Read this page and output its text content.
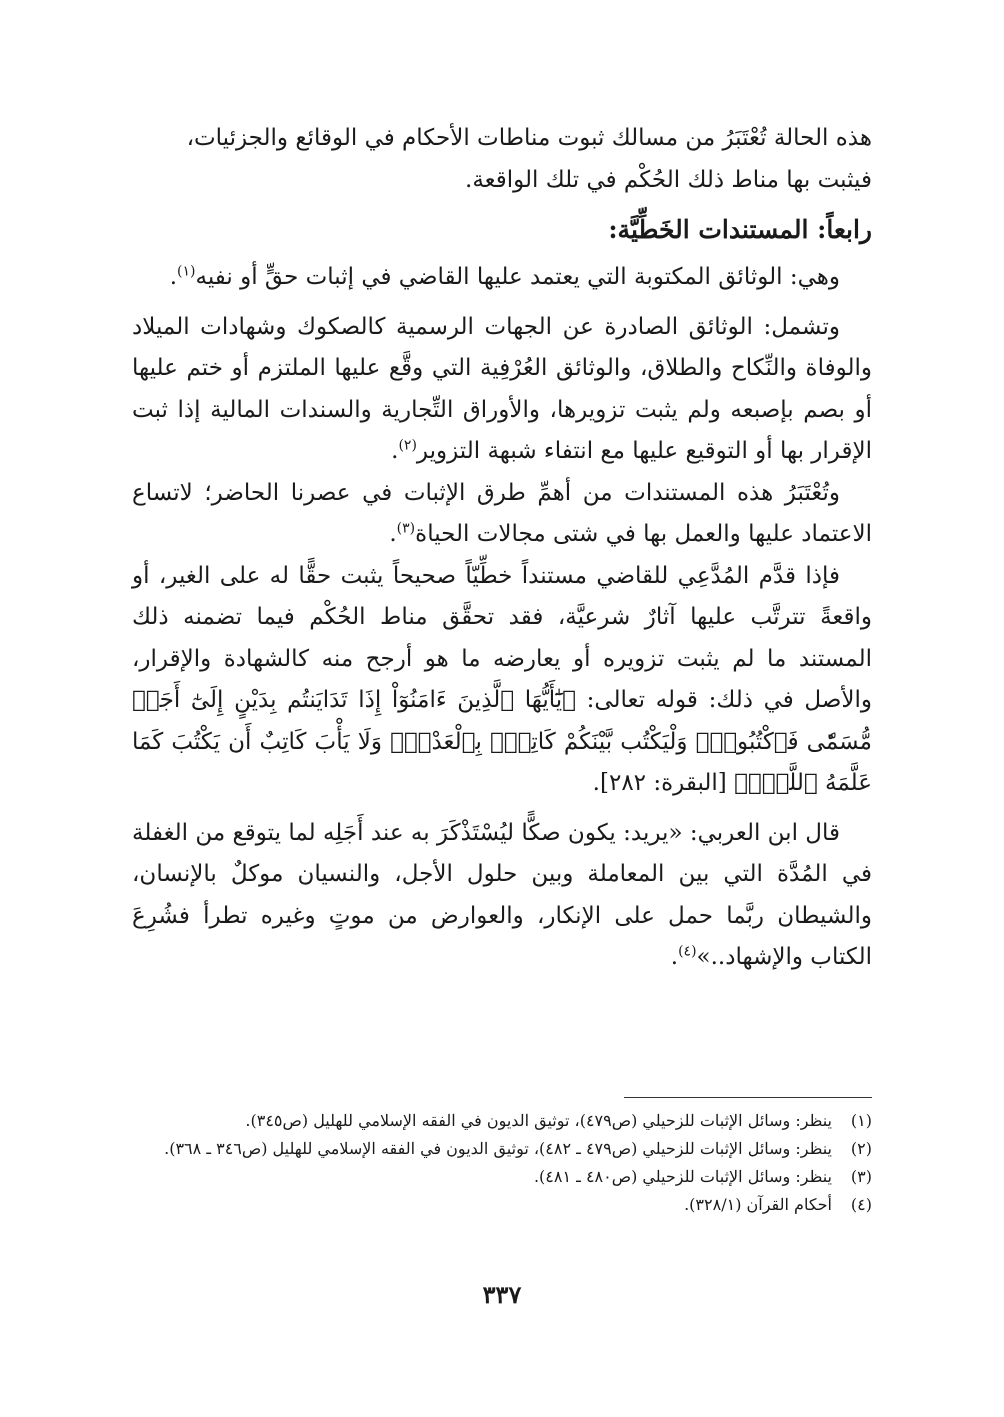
هذه الحالة تُعْتَبَرُ من مسالك ثبوت مناطات الأحكام في الوقائع والجزئيات،
فيثبت بها مناط ذلك الحُكْم في تلك الواقعة.

رابعاً: المستندات الخَطِّيَّة:

وهي: الوثائق المكتوبة التي يعتمد عليها القاضي في إثبات حقٍّ أو نفيه$^{(١)}$.

وتشمل: الوثائق الصادرة عن الجهات الرسمية كالصكوك وشهادات الميلاد والوفاة والنِّكاح والطلاق، والوثائق العُرْفِية التي وقَّع عليها الملتزم أو ختم عليها أو بصم بإصبعه ولم يثبت تزويرها، والأوراق التِّجارية والسندات المالية إذا ثبت الإقرار بها أو التوقيع عليها مع انتفاء شبهة التزوير$^{(٢)}$.

وتُعْتَبَرُ هذه المستندات من أهمِّ طرق الإثبات في عصرنا الحاضر؛ لاتساع الاعتماد عليها والعمل بها في شتى مجالات الحياة$^{(٣)}$.

فإذا قدَّم المُدَّعِي للقاضي مستنداً خطِّيّاً صحيحاً يثبت حقًّا له على الغير، أو واقعةً تترتَّب عليها آثارٌ شرعيَّة، فقد تحقَّق مناط الحُكْم فيما تضمنه ذلك المستند ما لم يثبت تزويره أو يعارضه ما هو أرجح منه كالشهادة والإقرار، والأصل في ذلك: قوله تعالى: ﴿يَٰٓأَيُّهَا ٱلَّذِينَ ءَامَنُوٓاْ إِذَا تَدَايَنتُم بِدَيْنٍ إِلَىٰٓ أَجَلٖ مُّسَمّٗى فَٱكْتُبُوهُۚ وَلْيَكْتُب بَّيْنَكُمْ كَاتِبُۢ بِٱلْعَدْلِۚ وَلَا يَأْبَ كَاتِبٌ أَن يَكْتُبَ كَمَا عَلَّمَهُ ٱللَّهُۚ﴾ [البقرة: ٢٨٢].

قال ابن العربي: «يريد: يكون صكًّا ليُسْتَذْكَرَ به عند أَجَلِه لما يتوقع من الغفلة في المُدَّة التي بين المعاملة وبين حلول الأجل، والنسيان موكلٌ بالإنسان، والشيطان ربَّما حمل على الإنكار، والعوارض من موتٍ وغيره تطرأ فشُرِعَ الكتاب والإشهاد..»$^{(٤)}$.

(١)
ينظر: وسائل الإثبات للزحيلي (ص٤٧٩)، توثيق الديون في الفقه الإسلامي للهليل (ص٣٤٥).
(٢)
ينظر: وسائل الإثبات للزحيلي (ص٤٧٩ ـ ٤٨٢)، توثيق الديون في الفقه الإسلامي للهليل (ص٣٤٦ ـ ٣٦٨).
(٣)
ينظر: وسائل الإثبات للزحيلي (ص٤٨٠ ـ ٤٨١).
(٤)
أحكام القرآن (٣٢٨/١).
٣٣٧
